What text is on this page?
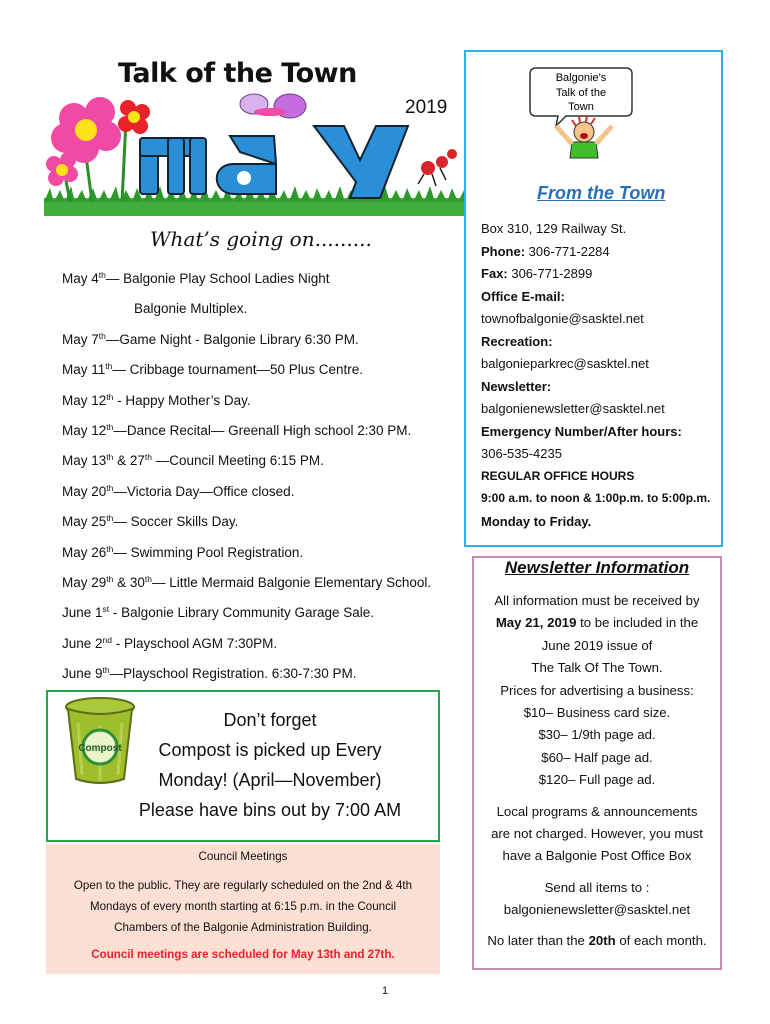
Talk of the Town
2019
What’s going on.........
May 4th— Balgonie Play School Ladies Night
Balgonie Multiplex.
May 7th—Game Night - Balgonie Library 6:30 PM.
May 11th— Cribbage tournament—50 Plus Centre.
May 12th - Happy Mother’s Day.
May 12th—Dance Recital— Greenall High school 2:30 PM.
May 13th & 27th —Council Meeting 6:15 PM.
May 20th—Victoria Day—Office closed.
May 25th— Soccer Skills Day.
May 26th— Swimming Pool Registration.
May 29th & 30th— Little Mermaid Balgonie Elementary School.
June 1st - Balgonie Library Community Garage Sale.
June 2nd - Playschool AGM 7:30PM.
June 9th—Playschool Registration. 6:30-7:30 PM.
Balgonie’s
Talk of the
Town
From the Town
Box 310, 129 Railway St.
Phone: 306-771-2284
Fax: 306-771-2899
Office E-mail:
townofbalgonie@sasktel.net
Recreation:
balgonieparkrec@sasktel.net
Newsletter:
balgonienewsletter@sasktel.net
Emergency Number/After hours:
306-535-4235
REGULAR OFFICE HOURS
9:00 a.m. to noon & 1:00p.m. to 5:00p.m.
Monday to Friday.
Newsletter Information
All information must be received by
May 21, 2019 to be included in the
June 2019 issue of
The Talk Of The Town.
Prices for advertising a business:
$10– Business card size.
$30– 1/9th page ad.
$60– Half page ad.
$120– Full page ad.
Local programs & announcements
are not charged. However, you must
have a Balgonie Post Office Box
Send all items to :
balgonienewsletter@sasktel.net
No later than the 20th of each month.
Compost
Don’t forget
Compost is picked up Every
Monday! (April—November)
Please have bins out by 7:00 AM
Council Meetings
Open to the public. They are regularly scheduled on the 2nd & 4th
Mondays of every month starting at 6:15 p.m. in the Council
Chambers of the Balgonie Administration Building.
Council meetings are scheduled for May 13th and 27th.
1
